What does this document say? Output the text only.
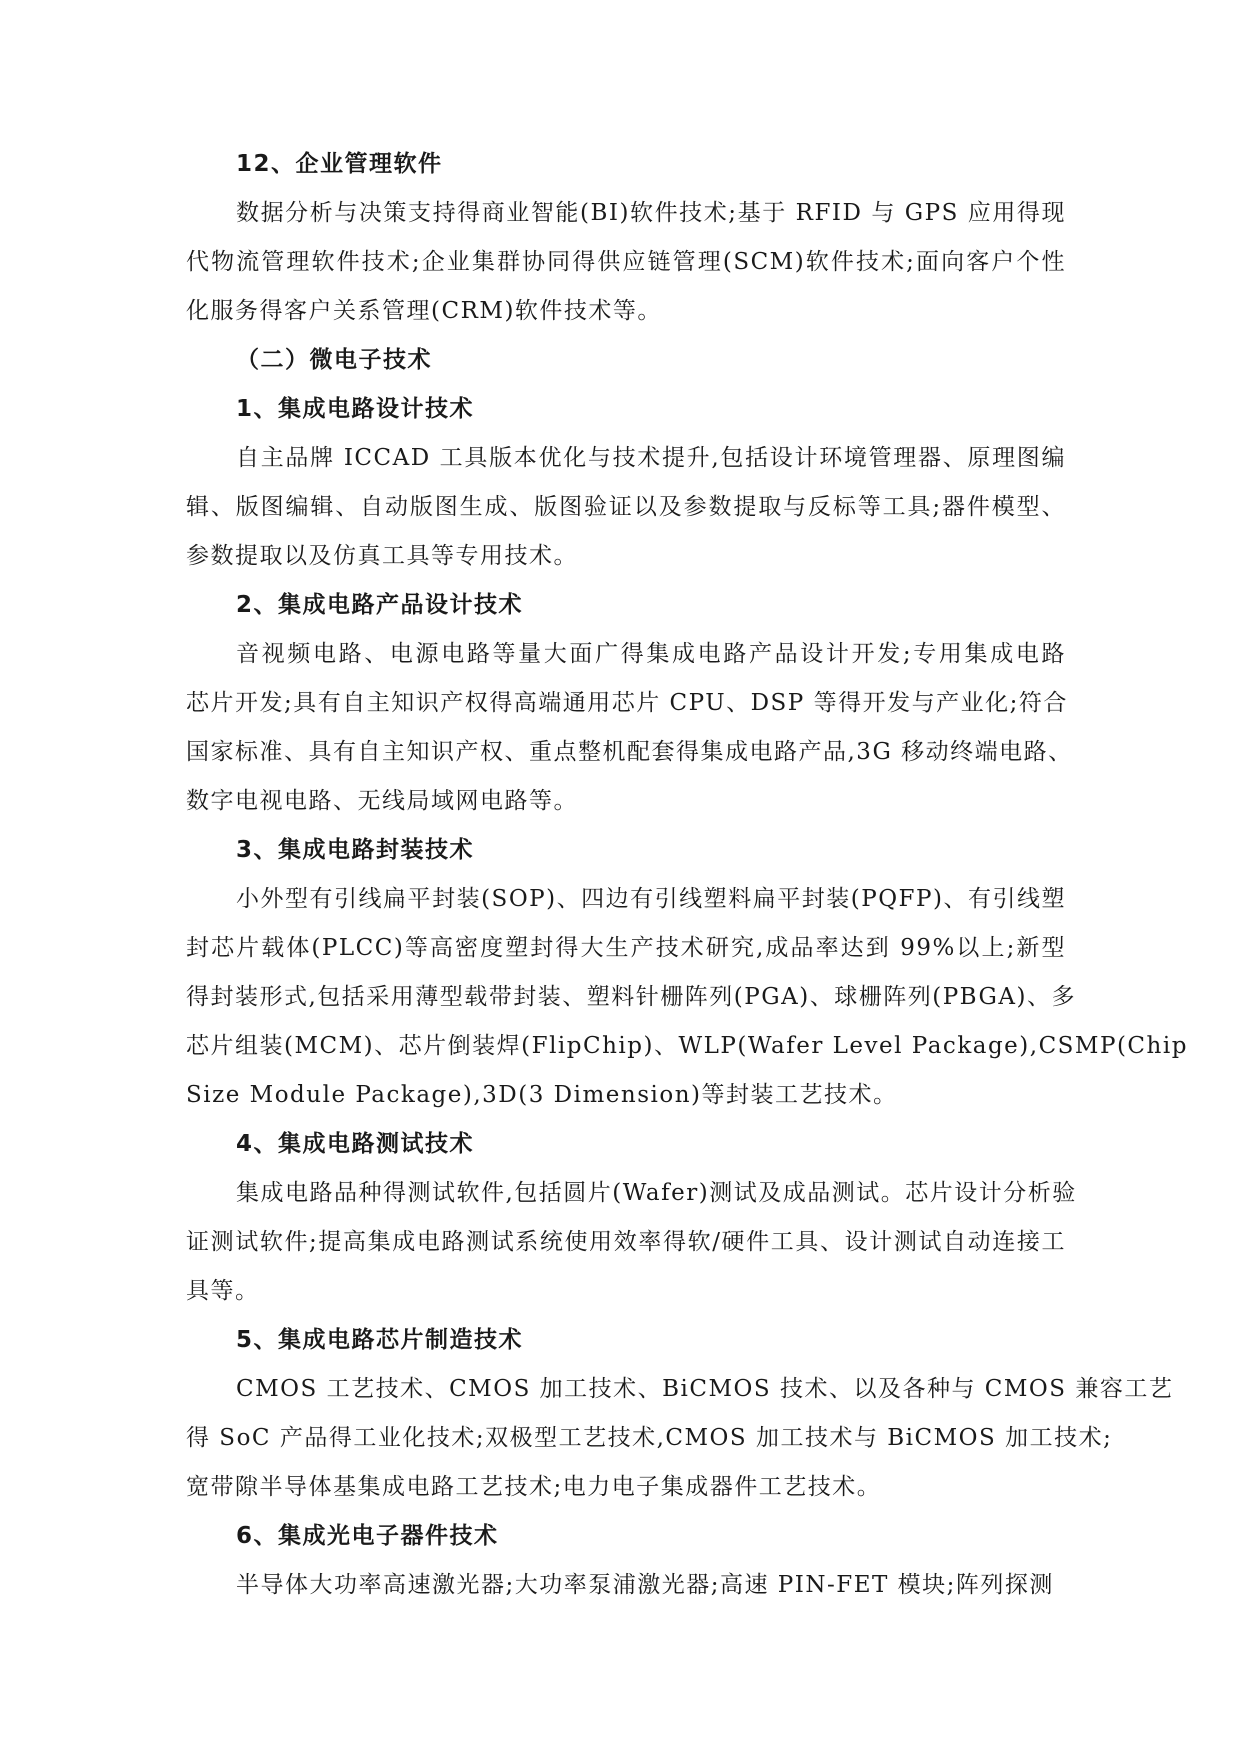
12、企业管理软件
数据分析与决策支持得商业智能(BI)软件技术;基于 RFID 与 GPS 应用得现
代物流管理软件技术;企业集群协同得供应链管理(SCM)软件技术;面向客户个性
化服务得客户关系管理(CRM)软件技术等。
（二）微电子技术
1、集成电路设计技术
自主品牌 ICCAD 工具版本优化与技术提升,包括设计环境管理器、原理图编
辑、版图编辑、自动版图生成、版图验证以及参数提取与反标等工具;器件模型、
参数提取以及仿真工具等专用技术。
2、集成电路产品设计技术
音视频电路、电源电路等量大面广得集成电路产品设计开发;专用集成电路
芯片开发;具有自主知识产权得高端通用芯片 CPU、DSP 等得开发与产业化;符合
国家标准、具有自主知识产权、重点整机配套得集成电路产品,3G 移动终端电路、
数字电视电路、无线局域网电路等。
3、集成电路封装技术
小外型有引线扁平封装(SOP)、四边有引线塑料扁平封装(PQFP)、有引线塑
封芯片载体(PLCC)等高密度塑封得大生产技术研究,成品率达到 99%以上;新型
得封装形式,包括采用薄型载带封装、塑料针栅阵列(PGA)、球栅阵列(PBGA)、多
芯片组装(MCM)、芯片倒装焊(FlipChip)、WLP(Wafer Level Package),CSMP(Chip
Size Module Package),3D(3 Dimension)等封装工艺技术。
4、集成电路测试技术
集成电路品种得测试软件,包括圆片(Wafer)测试及成品测试。芯片设计分析验
证测试软件;提高集成电路测试系统使用效率得软/硬件工具、设计测试自动连接工
具等。
5、集成电路芯片制造技术
CMOS 工艺技术、CMOS 加工技术、BiCMOS 技术、以及各种与 CMOS 兼容工艺
得 SoC 产品得工业化技术;双极型工艺技术,CMOS 加工技术与 BiCMOS 加工技术;
宽带隙半导体基集成电路工艺技术;电力电子集成器件工艺技术。
6、集成光电子器件技术
半导体大功率高速激光器;大功率泵浦激光器;高速 PIN-FET 模块;阵列探测
